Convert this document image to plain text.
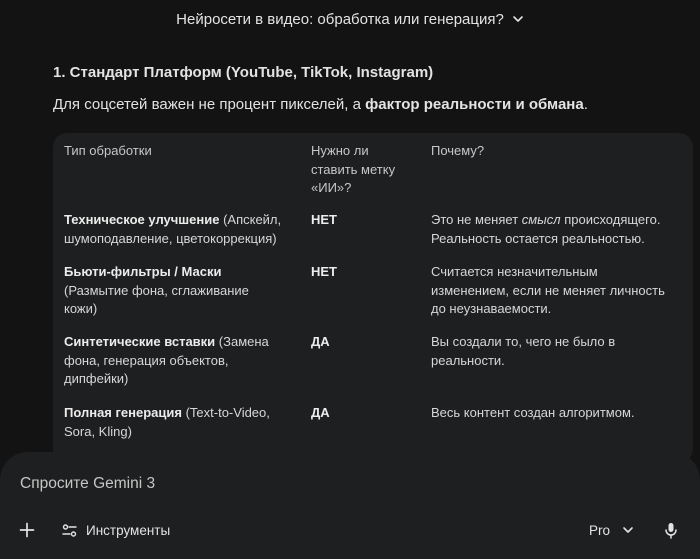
Нейросети в видео: обработка или генерация?
1. Стандарт Платформ (YouTube, TikTok, Instagram)
Для соцсетей важен не процент пикселей, а фактор реальности и обмана.
Тип обработки	Нужно ли
ставить метку
«ИИ»?
Почему?
Техническое улучшение (Апскейл,
шумоподавление, цветокоррекция)
НЕТ	Это не меняет смысл происходящего.
Реальность остается реальностью.
Бьюти-фильтры / Маски
(Размытие фона, сглаживание
кожи)
НЕТ	Считается незначительным
изменением, если не меняет личность
до неузнаваемости.
Синтетические вставки (Замена
фона, генерация объектов,
дипфейки)
ДА	Вы создали то, чего не было в
реальности.
Полная генерация (Text-to-Video,
Sora, Kling)
ДА	Весь контент создан алгоритмом.
Спросите Gemini 3
Инструменты	Pro
